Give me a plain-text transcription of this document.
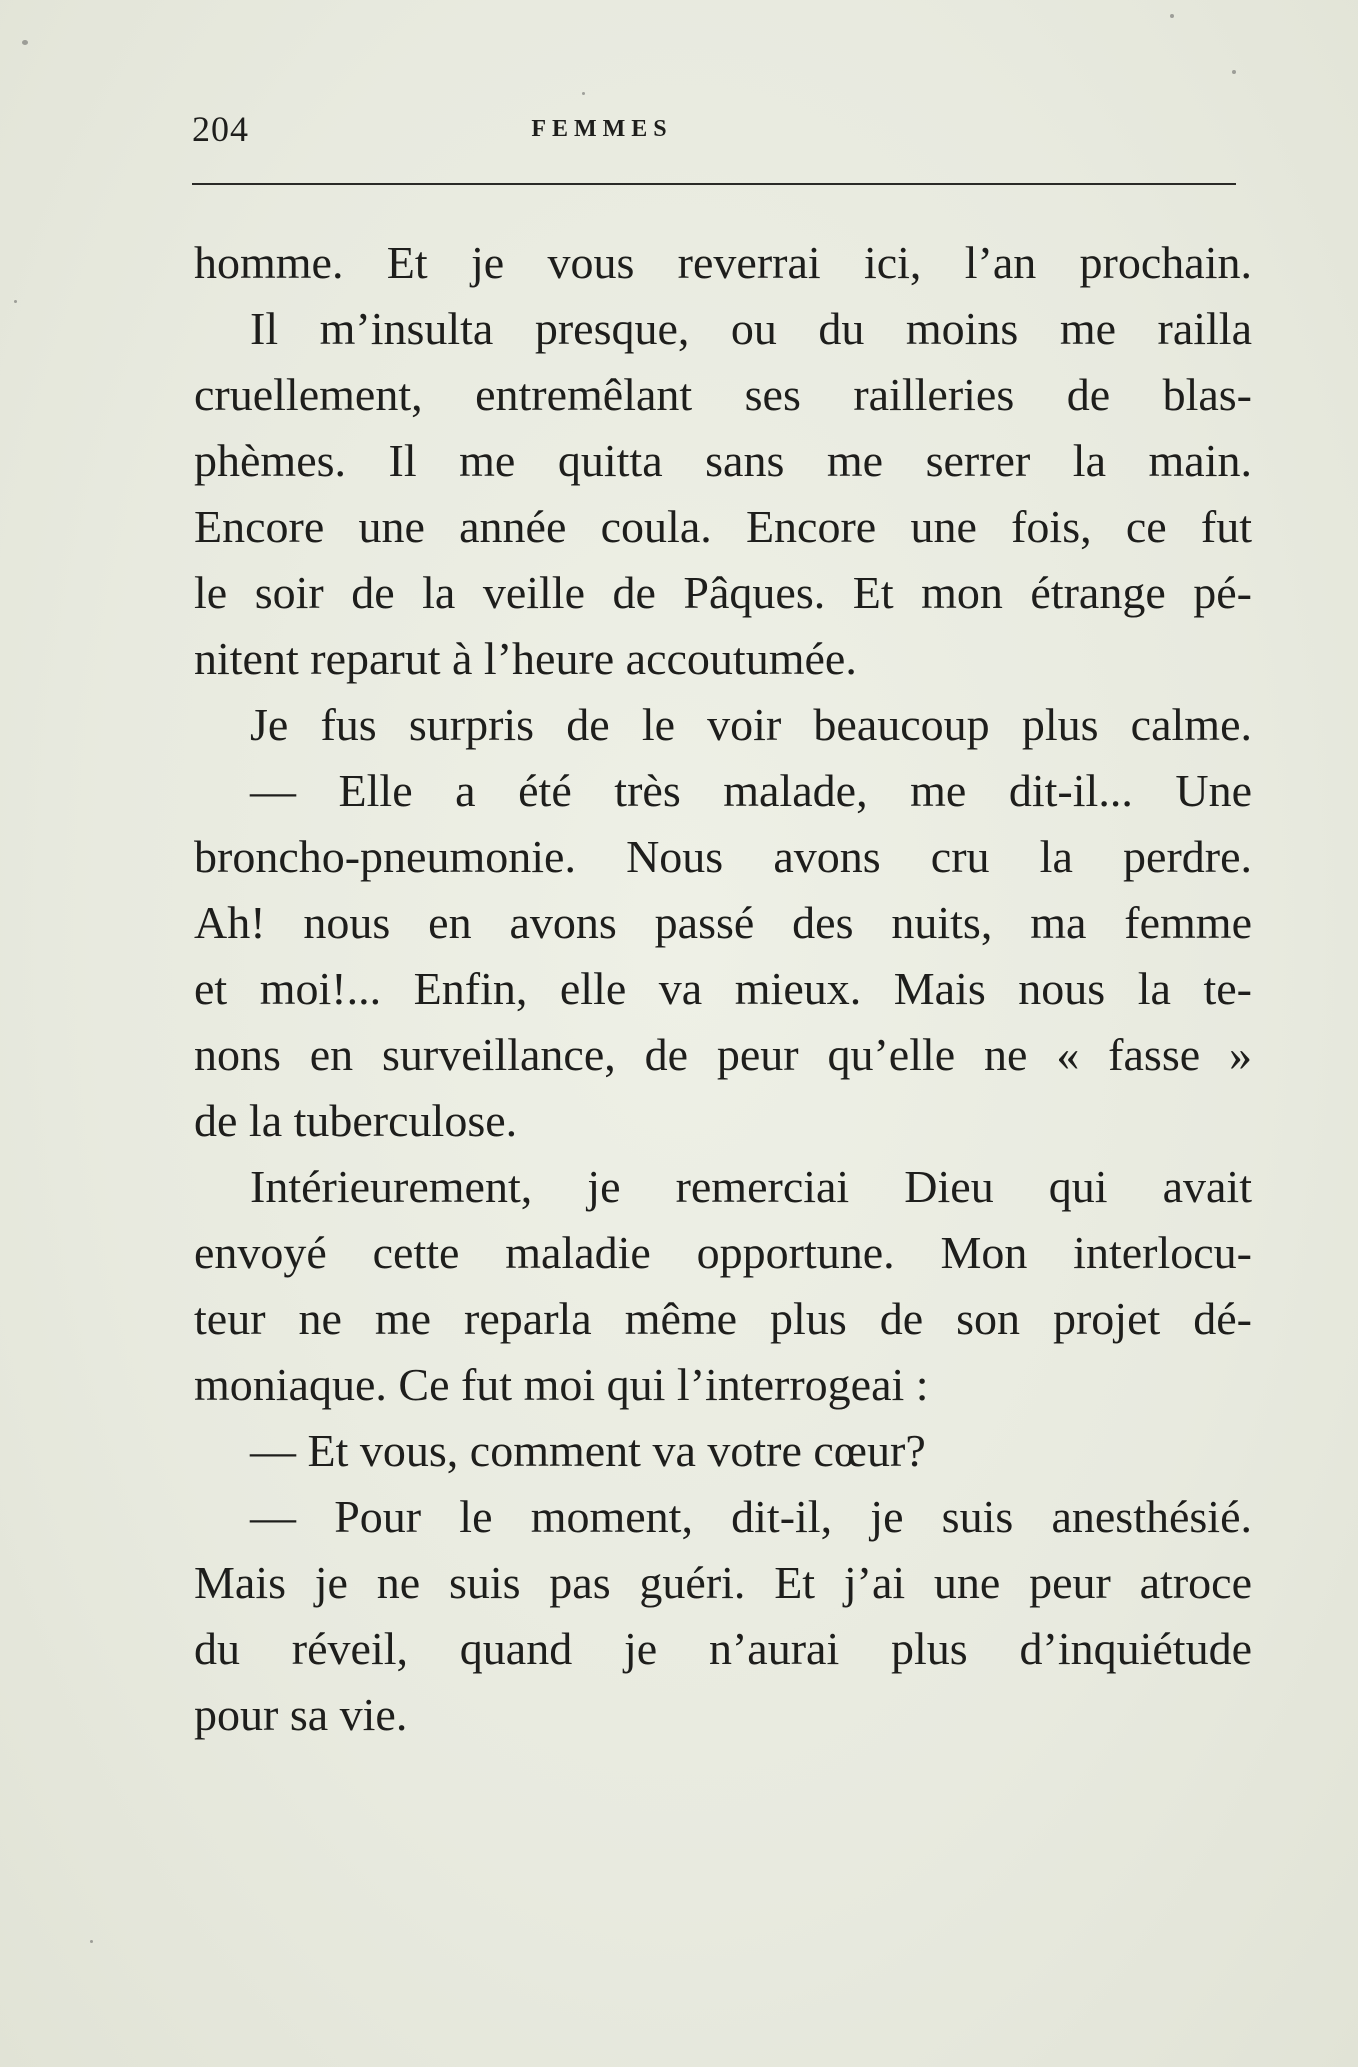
204	FEMMES
homme. Et je vous reverrai ici, l’an prochain.
Il m’insulta presque, ou du moins me railla
cruellement, entremêlant ses railleries de blas-
phèmes. Il me quitta sans me serrer la main.
Encore une année coula. Encore une fois, ce fut
le soir de la veille de Pâques. Et mon étrange pé-
nitent reparut à l’heure accoutumée.
Je fus surpris de le voir beaucoup plus calme.
— Elle a été très malade, me dit-il... Une
broncho-pneumonie. Nous avons cru la perdre.
Ah! nous en avons passé des nuits, ma femme
et moi!... Enfin, elle va mieux. Mais nous la te-
nons en surveillance, de peur qu’elle ne « fasse »
de la tuberculose.
Intérieurement, je remerciai Dieu qui avait
envoyé cette maladie opportune. Mon interlocu-
teur ne me reparla même plus de son projet dé-
moniaque. Ce fut moi qui l’interrogeai :
— Et vous, comment va votre cœur?
— Pour le moment, dit-il, je suis anesthésié.
Mais je ne suis pas guéri. Et j’ai une peur atroce
du réveil, quand je n’aurai plus d’inquiétude
pour sa vie.
